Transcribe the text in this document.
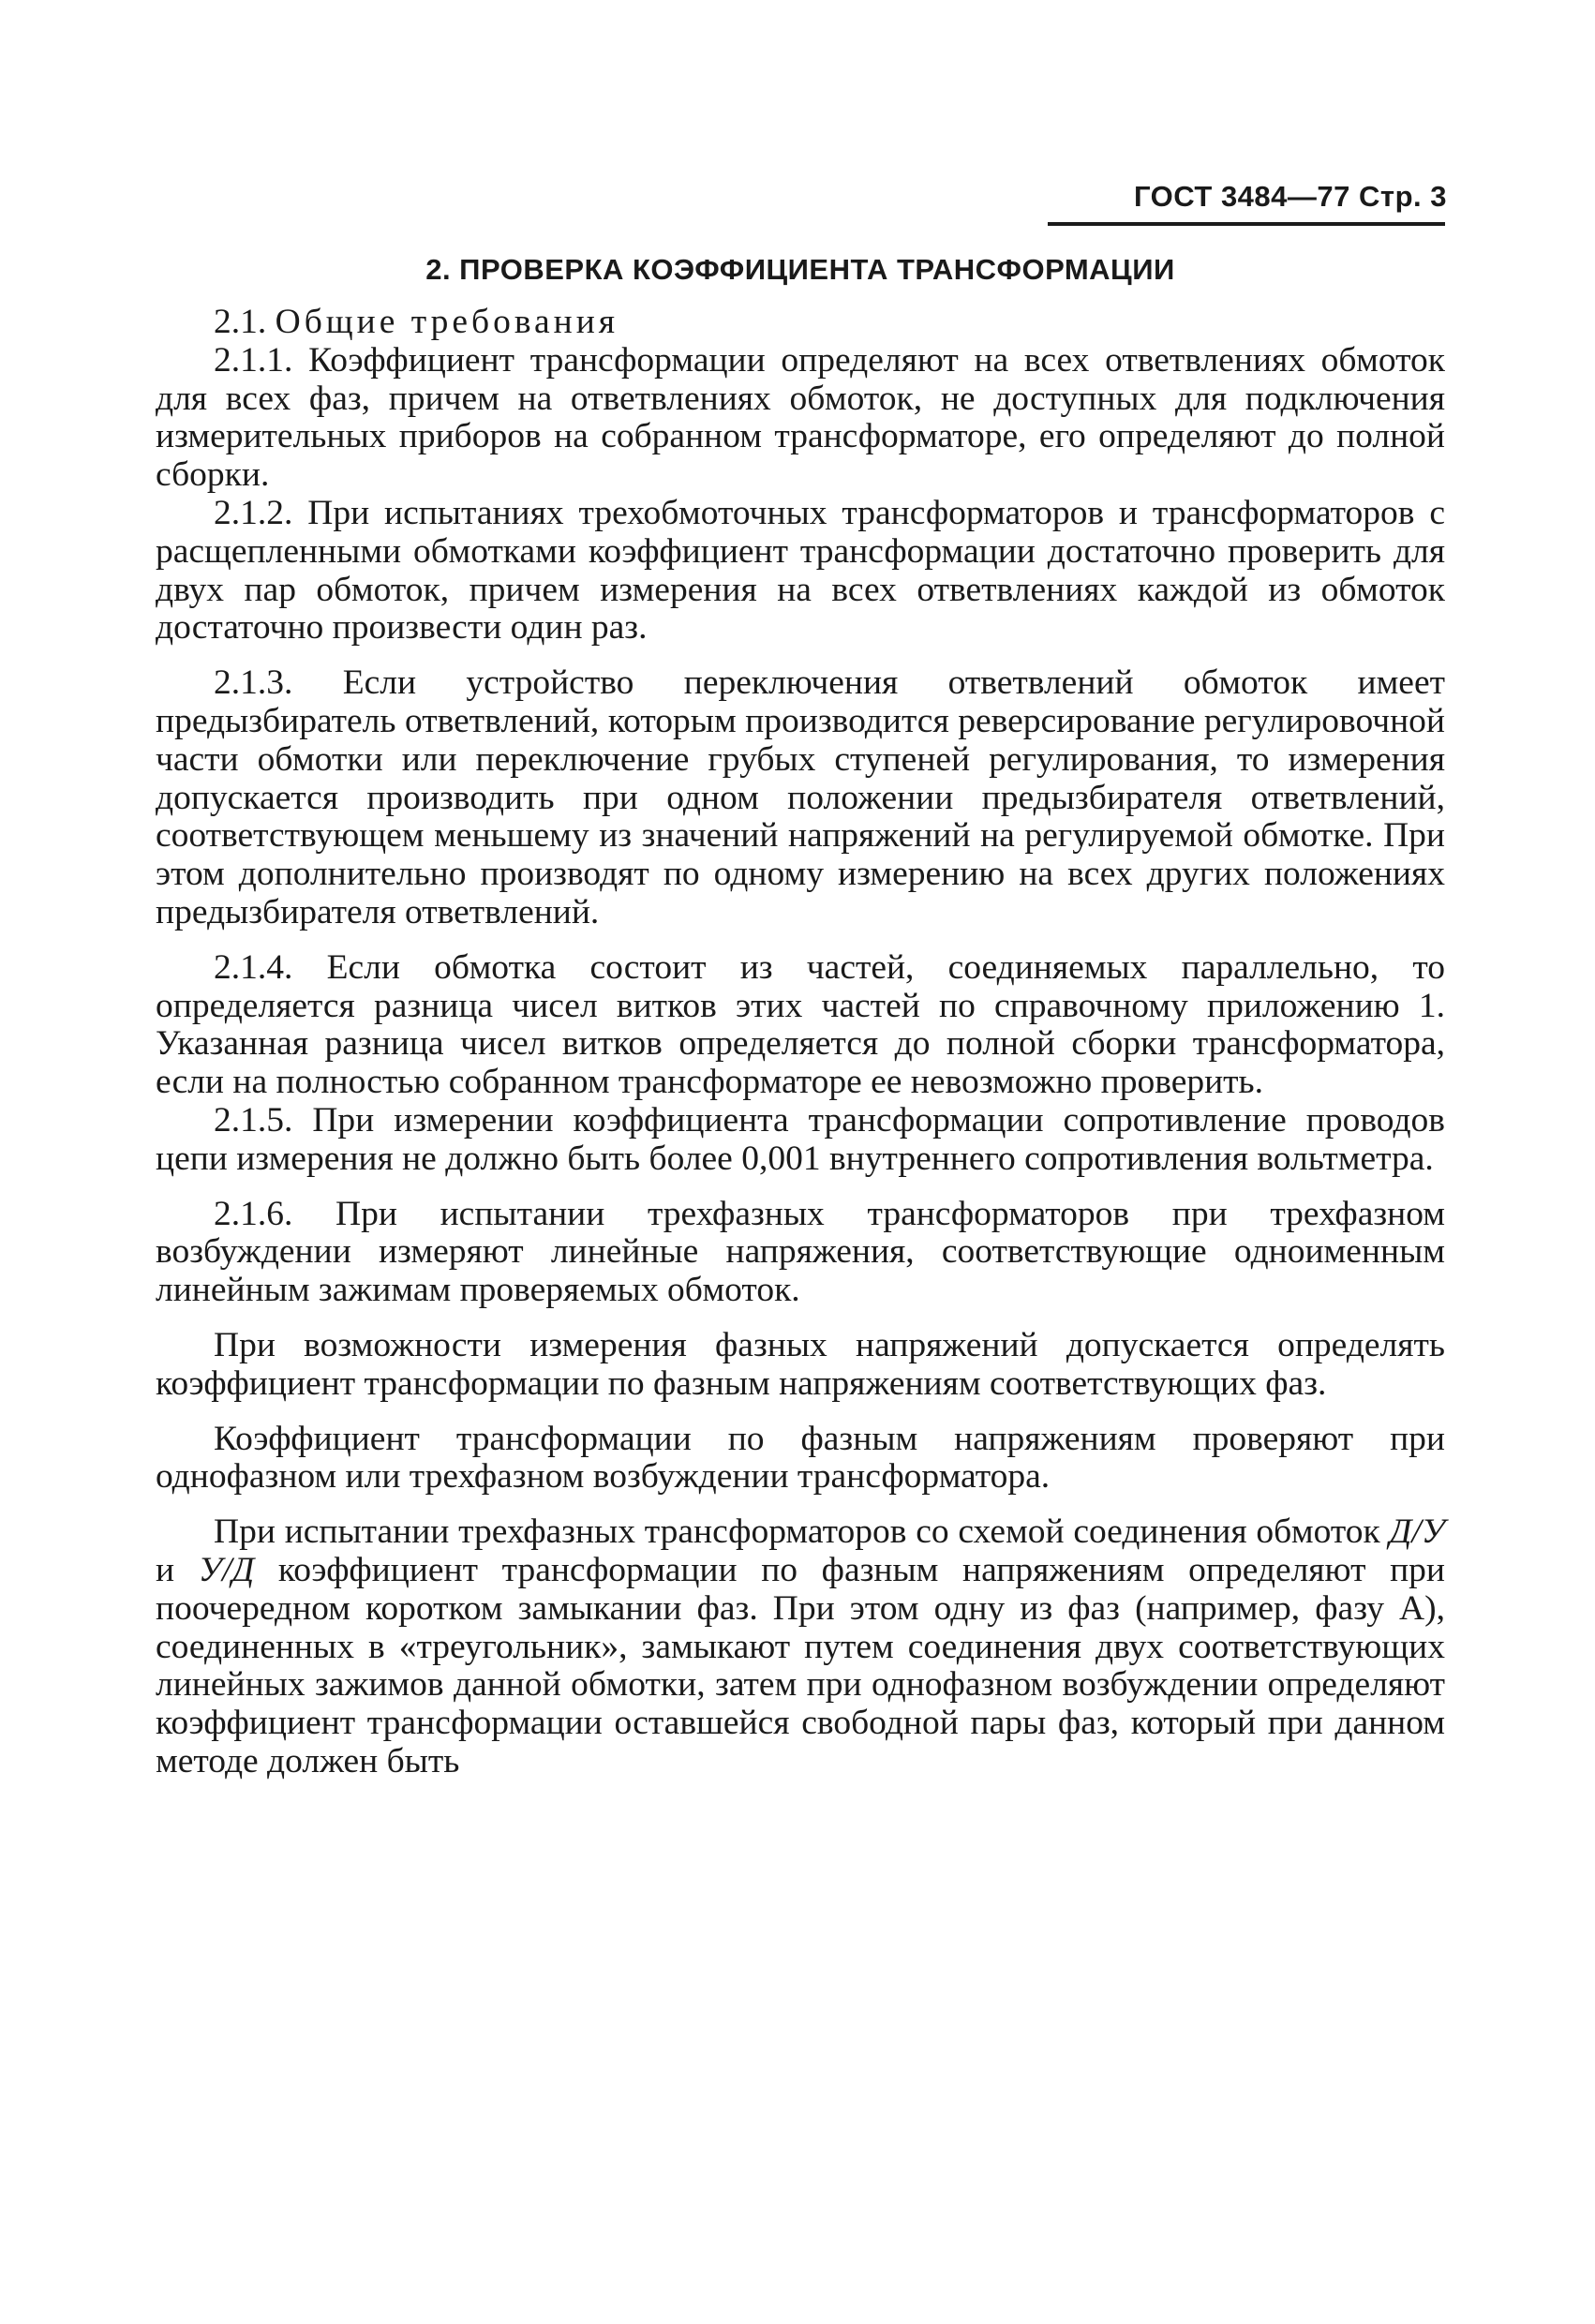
ГОСТ 3484—77 Стр. 3
2. ПРОВЕРКА КОЭФФИЦИЕНТА ТРАНСФОРМАЦИИ

2.1. Общие требования

2.1.1. Коэффициент трансформации определяют на всех ответвлениях обмоток для всех фаз, причем на ответвлениях обмоток, не доступных для подключения измерительных приборов на собранном трансформаторе, его определяют до полной сборки.

2.1.2. При испытаниях трехобмоточных трансформаторов и трансформаторов с расщепленными обмотками коэффициент трансформации достаточно проверить для двух пар обмоток, причем измерения на всех ответвлениях каждой из обмоток достаточно произвести один раз.

2.1.3. Если устройство переключения ответвлений обмоток имеет предызбиратель ответвлений, которым производится реверсирование регулировочной части обмотки или переключение грубых ступеней регулирования, то измерения допускается производить при одном положении предызбирателя ответвлений, соответствующем меньшему из значений напряжений на регулируемой обмотке. При этом дополнительно производят по одному измерению на всех других положениях предызбирателя ответвлений.

2.1.4. Если обмотка состоит из частей, соединяемых параллельно, то определяется разница чисел витков этих частей по справочному приложению 1. Указанная разница чисел витков определяется до полной сборки трансформатора, если на полностью собранном трансформаторе ее невозможно проверить.

2.1.5. При измерении коэффициента трансформации сопротивление проводов цепи измерения не должно быть более 0,001 внутреннего сопротивления вольтметра.

2.1.6. При испытании трехфазных трансформаторов при трехфазном возбуждении измеряют линейные напряжения, соответствующие одноименным линейным зажимам проверяемых обмоток.

При возможности измерения фазных напряжений допускается определять коэффициент трансформации по фазным напряжениям соответствующих фаз.

Коэффициент трансформации по фазным напряжениям проверяют при однофазном или трехфазном возбуждении трансформатора.

При испытании трехфазных трансформаторов со схемой соединения обмоток Д/У и У/Д коэффициент трансформации по фазным напряжениям определяют при поочередном коротком замыкании фаз. При этом одну из фаз (например, фазу А), соединенных в «треугольник», замыкают путем соединения двух соответствующих линейных зажимов данной обмотки, затем при однофазном возбуждении определяют коэффициент трансформации оставшейся свободной пары фаз, который при данном методе должен быть
